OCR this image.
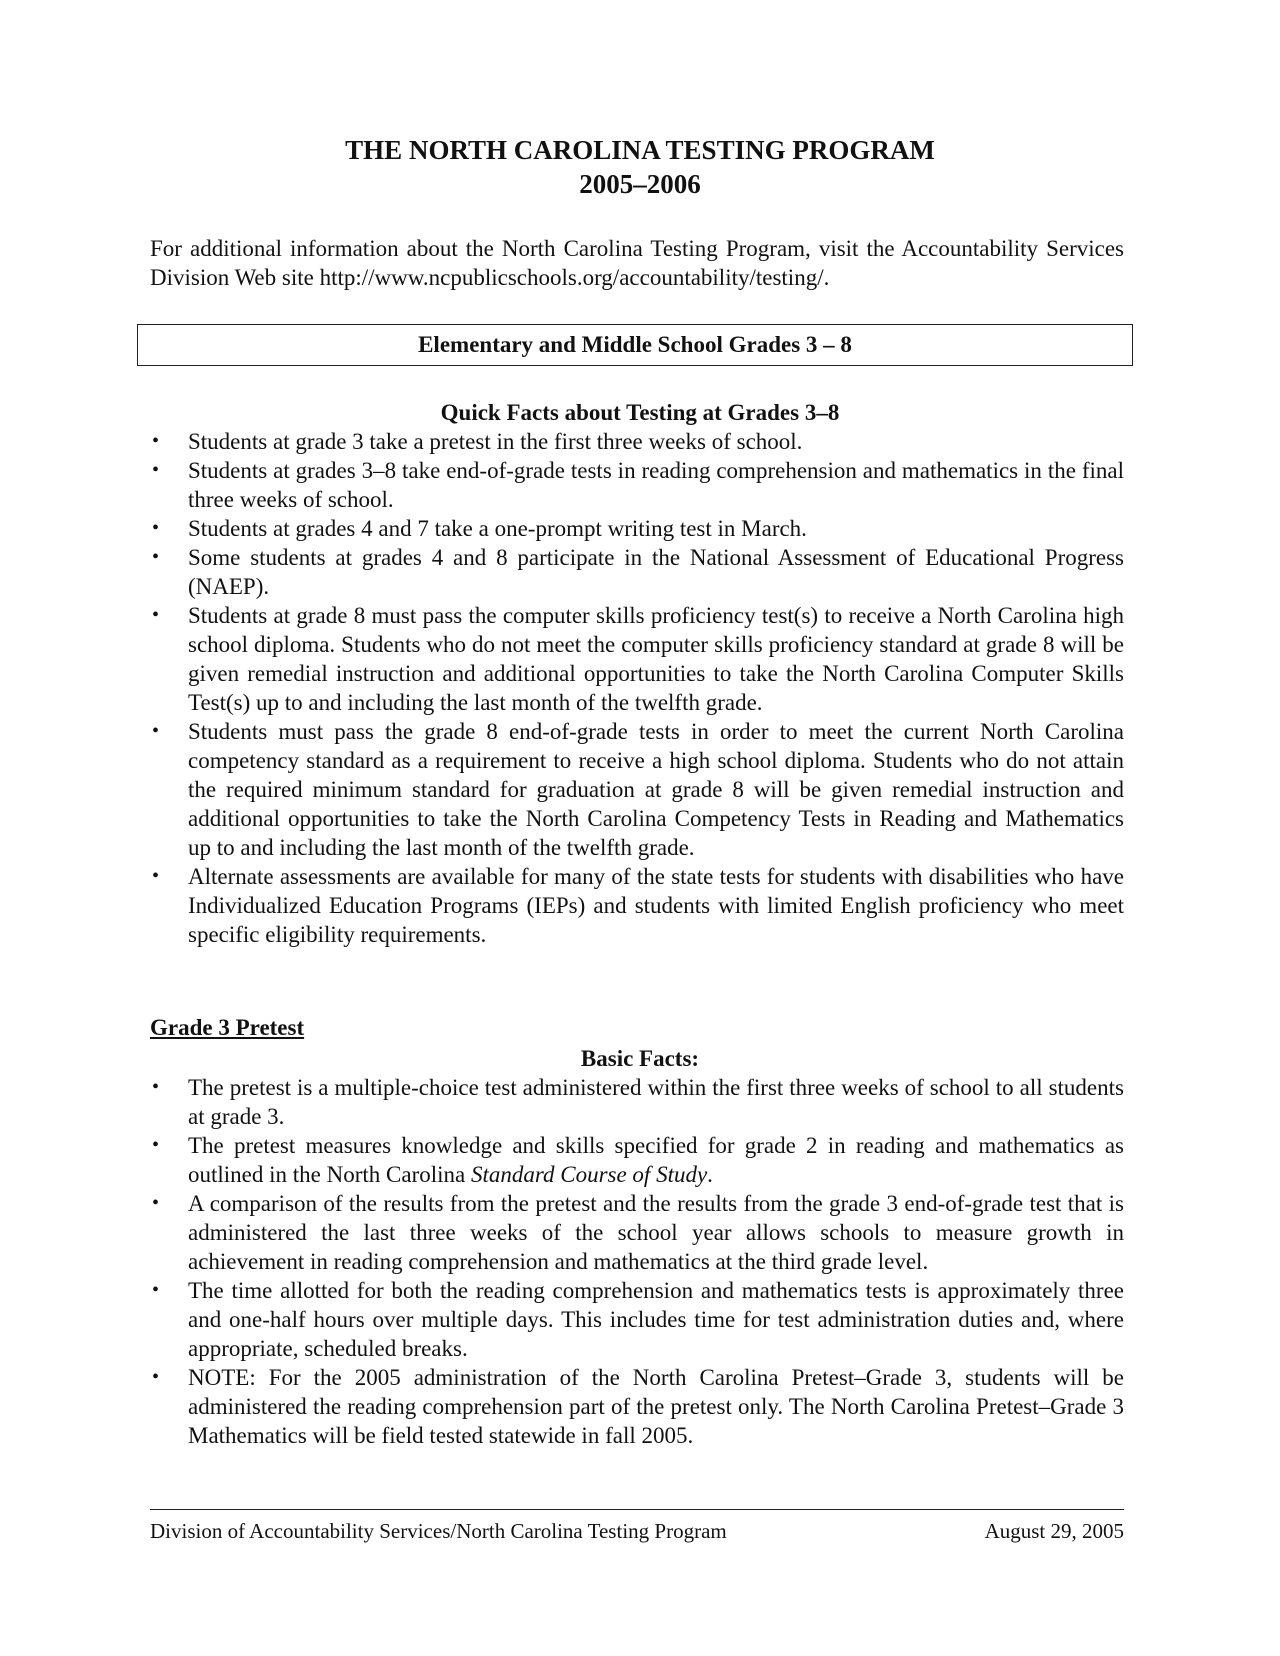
THE NORTH CAROLINA TESTING PROGRAM
2005–2006
For additional information about the North Carolina Testing Program, visit the Accountability Services Division Web site http://www.ncpublicschools.org/accountability/testing/.
Elementary and Middle School Grades 3 – 8
Quick Facts about Testing at Grades 3–8
• Students at grade 3 take a pretest in the first three weeks of school.
• Students at grades 3–8 take end-of-grade tests in reading comprehension and mathematics in the final three weeks of school.
• Students at grades 4 and 7 take a one-prompt writing test in March.
• Some students at grades 4 and 8 participate in the National Assessment of Educational Progress (NAEP).
• Students at grade 8 must pass the computer skills proficiency test(s) to receive a North Carolina high school diploma. Students who do not meet the computer skills proficiency standard at grade 8 will be given remedial instruction and additional opportunities to take the North Carolina Computer Skills Test(s) up to and including the last month of the twelfth grade.
• Students must pass the grade 8 end-of-grade tests in order to meet the current North Carolina competency standard as a requirement to receive a high school diploma. Students who do not attain the required minimum standard for graduation at grade 8 will be given remedial instruction and additional opportunities to take the North Carolina Competency Tests in Reading and Mathematics up to and including the last month of the twelfth grade.
• Alternate assessments are available for many of the state tests for students with disabilities who have Individualized Education Programs (IEPs) and students with limited English proficiency who meet specific eligibility requirements.
Grade 3 Pretest
Basic Facts:
• The pretest is a multiple-choice test administered within the first three weeks of school to all students at grade 3.
• The pretest measures knowledge and skills specified for grade 2 in reading and mathematics as outlined in the North Carolina Standard Course of Study.
• A comparison of the results from the pretest and the results from the grade 3 end-of-grade test that is administered the last three weeks of the school year allows schools to measure growth in achievement in reading comprehension and mathematics at the third grade level.
• The time allotted for both the reading comprehension and mathematics tests is approximately three and one-half hours over multiple days. This includes time for test administration duties and, where appropriate, scheduled breaks.
• NOTE: For the 2005 administration of the North Carolina Pretest–Grade 3, students will be administered the reading comprehension part of the pretest only. The North Carolina Pretest–Grade 3 Mathematics will be field tested statewide in fall 2005.
Division of Accountability Services/North Carolina Testing Program	August 29, 2005
